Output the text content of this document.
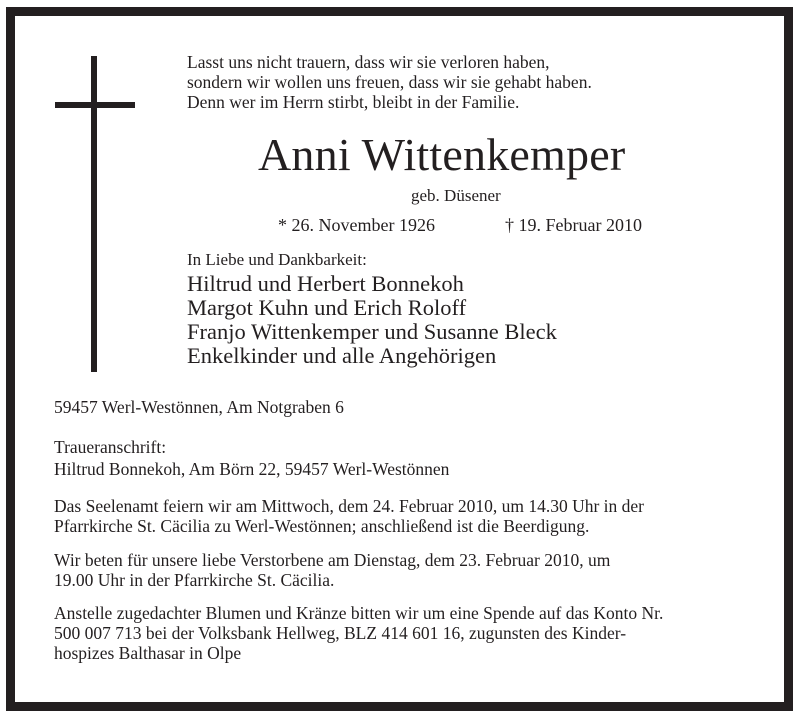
Lasst uns nicht trauern, dass wir sie verloren haben,
sondern wir wollen uns freuen, dass wir sie gehabt haben.
Denn wer im Herrn stirbt, bleibt in der Familie.
Anni Wittenkemper
geb. Düsener
* 26. November 1926	† 19. Februar 2010
In Liebe und Dankbarkeit:
Hiltrud und Herbert Bonnekoh
Margot Kuhn und Erich Roloff
Franjo Wittenkemper und Susanne Bleck
Enkelkinder und alle Angehörigen
59457 Werl-Westönnen, Am Notgraben 6
Traueranschrift:
Hiltrud Bonnekoh, Am Börn 22, 59457 Werl-Westönnen
Das Seelenamt feiern wir am Mittwoch, dem 24. Februar 2010, um 14.30 Uhr in der
Pfarrkirche St. Cäcilia zu Werl-Westönnen; anschließend ist die Beerdigung.
Wir beten für unsere liebe Verstorbene am Dienstag, dem 23. Februar 2010, um
19.00 Uhr in der Pfarrkirche St. Cäcilia.
Anstelle zugedachter Blumen und Kränze bitten wir um eine Spende auf das Konto Nr.
500 007 713 bei der Volksbank Hellweg, BLZ 414 601 16, zugunsten des Kinder-
hospizes Balthasar in Olpe
